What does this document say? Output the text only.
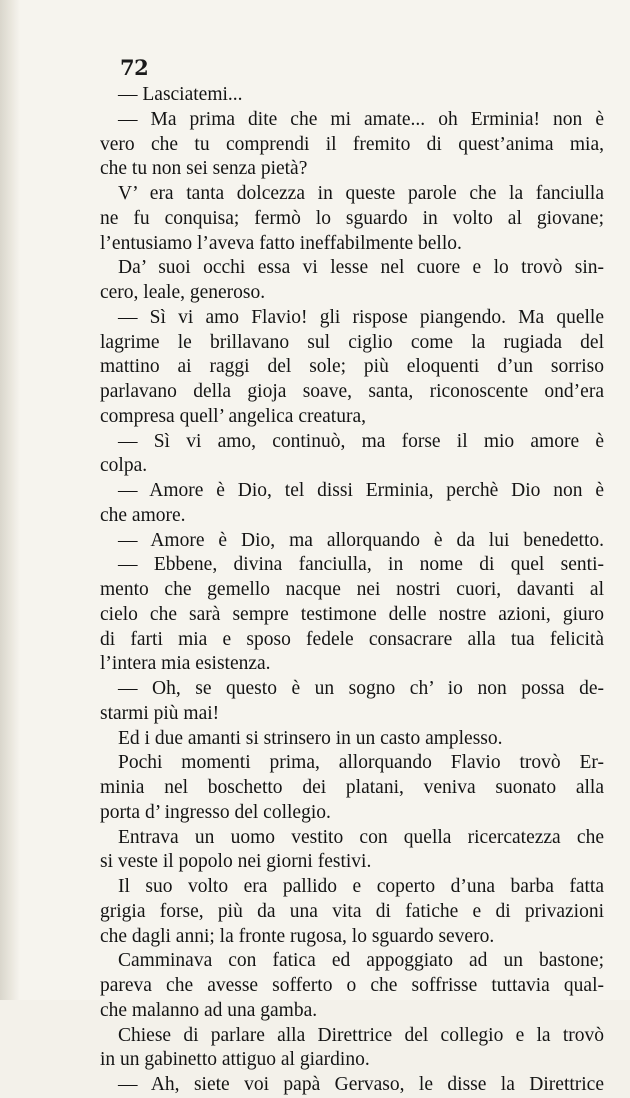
72
— Lasciatemi...
— Ma prima dite che mi amate... oh Erminia! non è
vero che tu comprendi il fremito di quest’anima mia,
che tu non sei senza pietà?
V’ era tanta dolcezza in queste parole che la fanciulla
ne fu conquisa; fermò lo sguardo in volto al giovane;
l’entusiamo l’aveva fatto ineffabilmente bello.
Da’ suoi occhi essa vi lesse nel cuore e lo trovò sin-
cero, leale, generoso.
— Sì vi amo Flavio! gli rispose piangendo. Ma quelle
lagrime le brillavano sul ciglio come la rugiada del
mattino ai raggi del sole; più eloquenti d’un sorriso
parlavano della gioja soave, santa, riconoscente ond’era
compresa quell’ angelica creatura,
— Sì vi amo, continuò, ma forse il mio amore è
colpa.
— Amore è Dio, tel dissi Erminia, perchè Dio non è
che amore.
— Amore è Dio, ma allorquando è da lui benedetto.
— Ebbene, divina fanciulla, in nome di quel senti-
mento che gemello nacque nei nostri cuori, davanti al
cielo che sarà sempre testimone delle nostre azioni, giuro
di farti mia e sposo fedele consacrare alla tua felicità
l’intera mia esistenza.
— Oh, se questo è un sogno ch’ io non possa de-
starmi più mai!
Ed i due amanti si strinsero in un casto amplesso.
Pochi momenti prima, allorquando Flavio trovò Er-
minia nel boschetto dei platani, veniva suonato alla
porta d’ ingresso del collegio.
Entrava un uomo vestito con quella ricercatezza che
si veste il popolo nei giorni festivi.
Il suo volto era pallido e coperto d’una barba fatta
grigia forse, più da una vita di fatiche e di privazioni
che dagli anni; la fronte rugosa, lo sguardo severo.
Camminava con fatica ed appoggiato ad un bastone;
pareva che avesse sofferto o che soffrisse tuttavia qual-
che malanno ad una gamba.
Chiese di parlare alla Direttrice del collegio e la trovò
in un gabinetto attiguo al giardino.
— Ah, siete voi papà Gervaso, le disse la Direttrice
